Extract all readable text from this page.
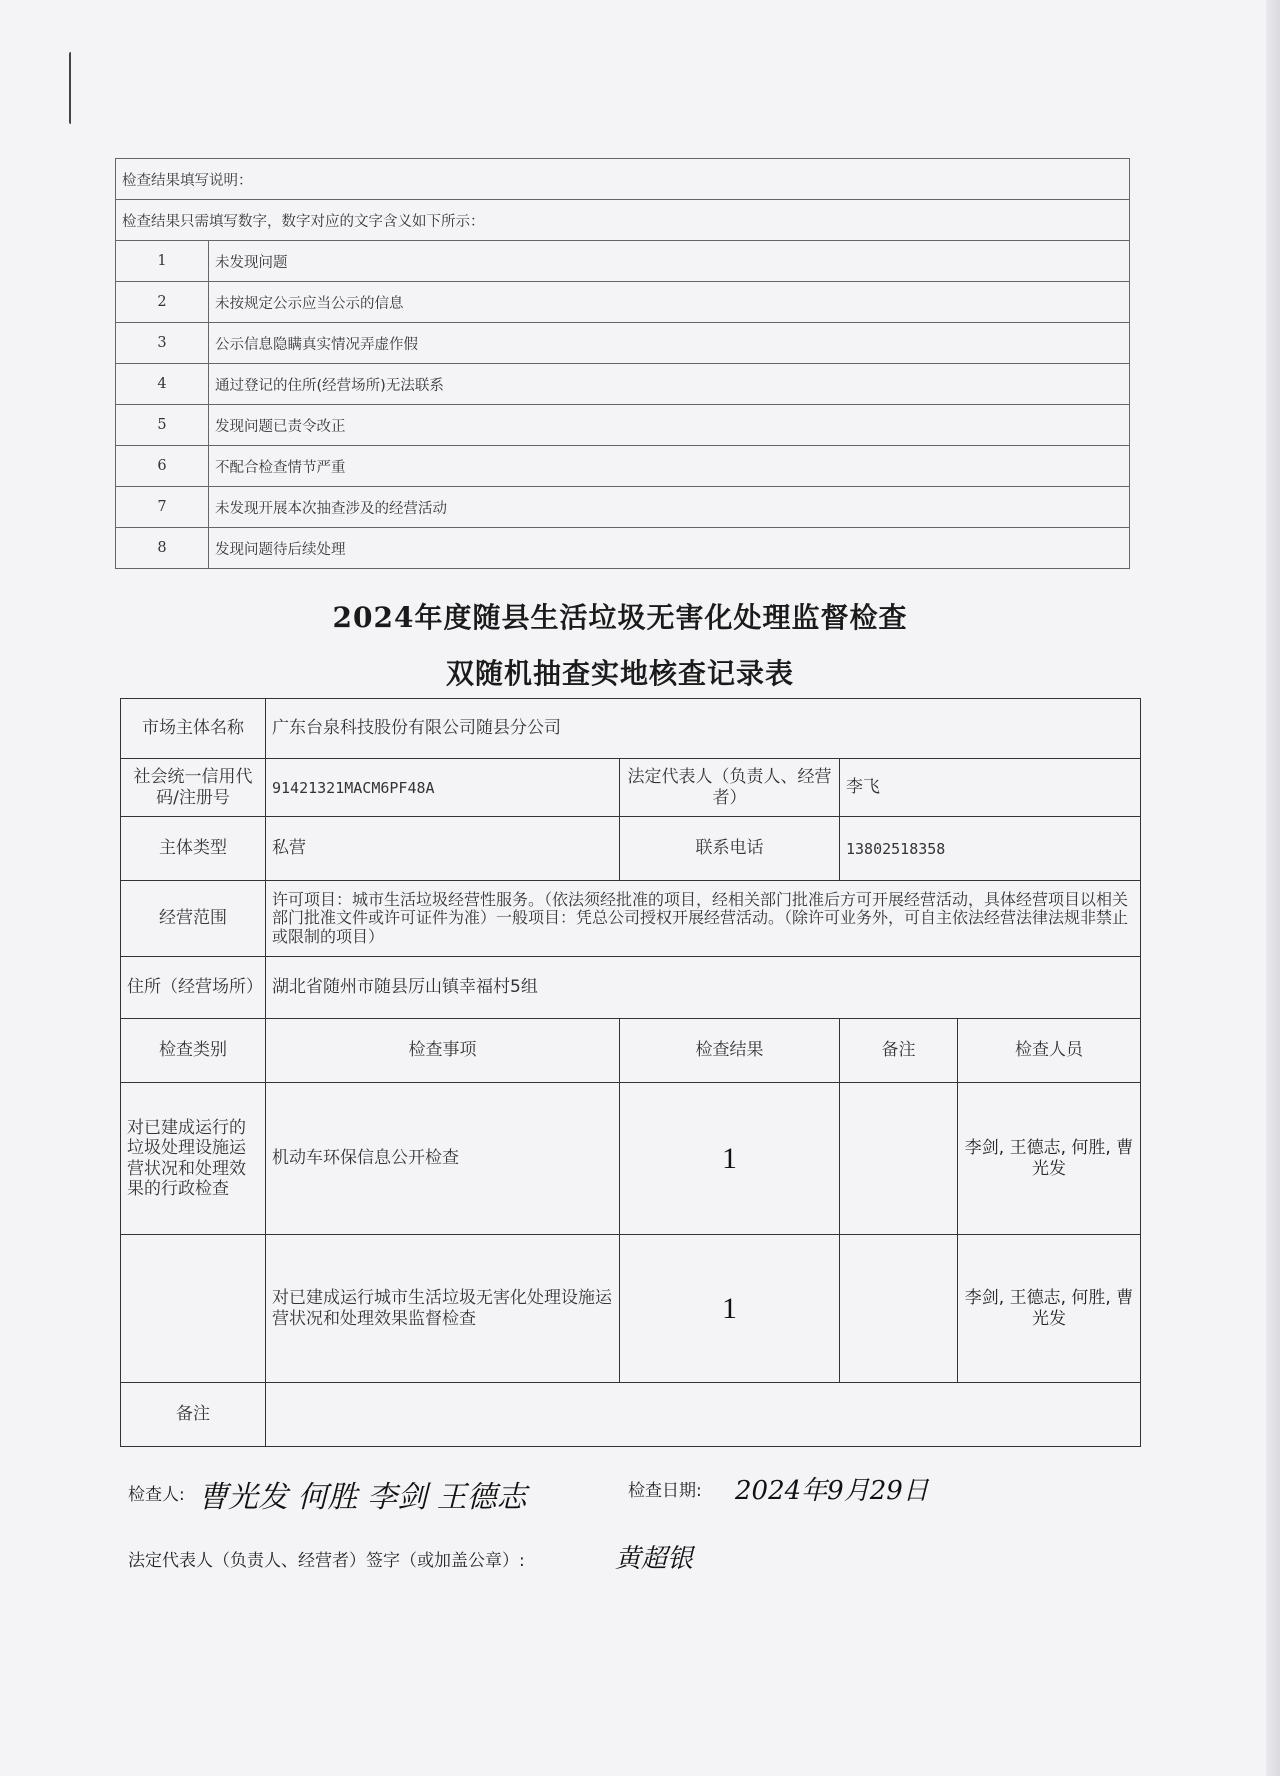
检查结果填写说明：	
检查结果只需填写数字，数字对应的文字含义如下所示：	
1	未发现问题
2	未按规定公示应当公示的信息
3	公示信息隐瞒真实情况弄虚作假
4	通过登记的住所(经营场所)无法联系
5	发现问题已责令改正
6	不配合检查情节严重
7	未发现开展本次抽查涉及的经营活动
8	发现问题待后续处理
2024年度随县生活垃圾无害化处理监督检查
双随机抽查实地核查记录表
市场主体名称	广东台泉科技股份有限公司随县分公司			
社会统一信用代码/注册号	91421321MACM6PF48A	法定代表人（负责人、经营者）	李飞	
主体类型	私营	联系电话	13802518358	
经营范围	许可项目：城市生活垃圾经营性服务。（依法须经批准的项目，经相关部门批准后方可开展经营活动，具体经营项目以相关部门批准文件或许可证件为准）一般项目：凭总公司授权开展经营活动。（除许可业务外，可自主依法经营法律法规非禁止或限制的项目）			
住所（经营场所）	湖北省随州市随县厉山镇幸福村5组			
检查类别	检查事项	检查结果	备注	检查人员
对已建成运行的垃圾处理设施运营状况和处理效果的行政检查	机动车环保信息公开检查	1		李剑, 王德志, 何胜, 曹光发
	对已建成运行城市生活垃圾无害化处理设施运营状况和处理效果监督检查	1		李剑, 王德志, 何胜, 曹光发
备注				
检查人: 曹光发 何胜 李剑 王德志	检查日期: 2024年9月29日
法定代表人（负责人、经营者）签字（或加盖公章）:	黄超银
